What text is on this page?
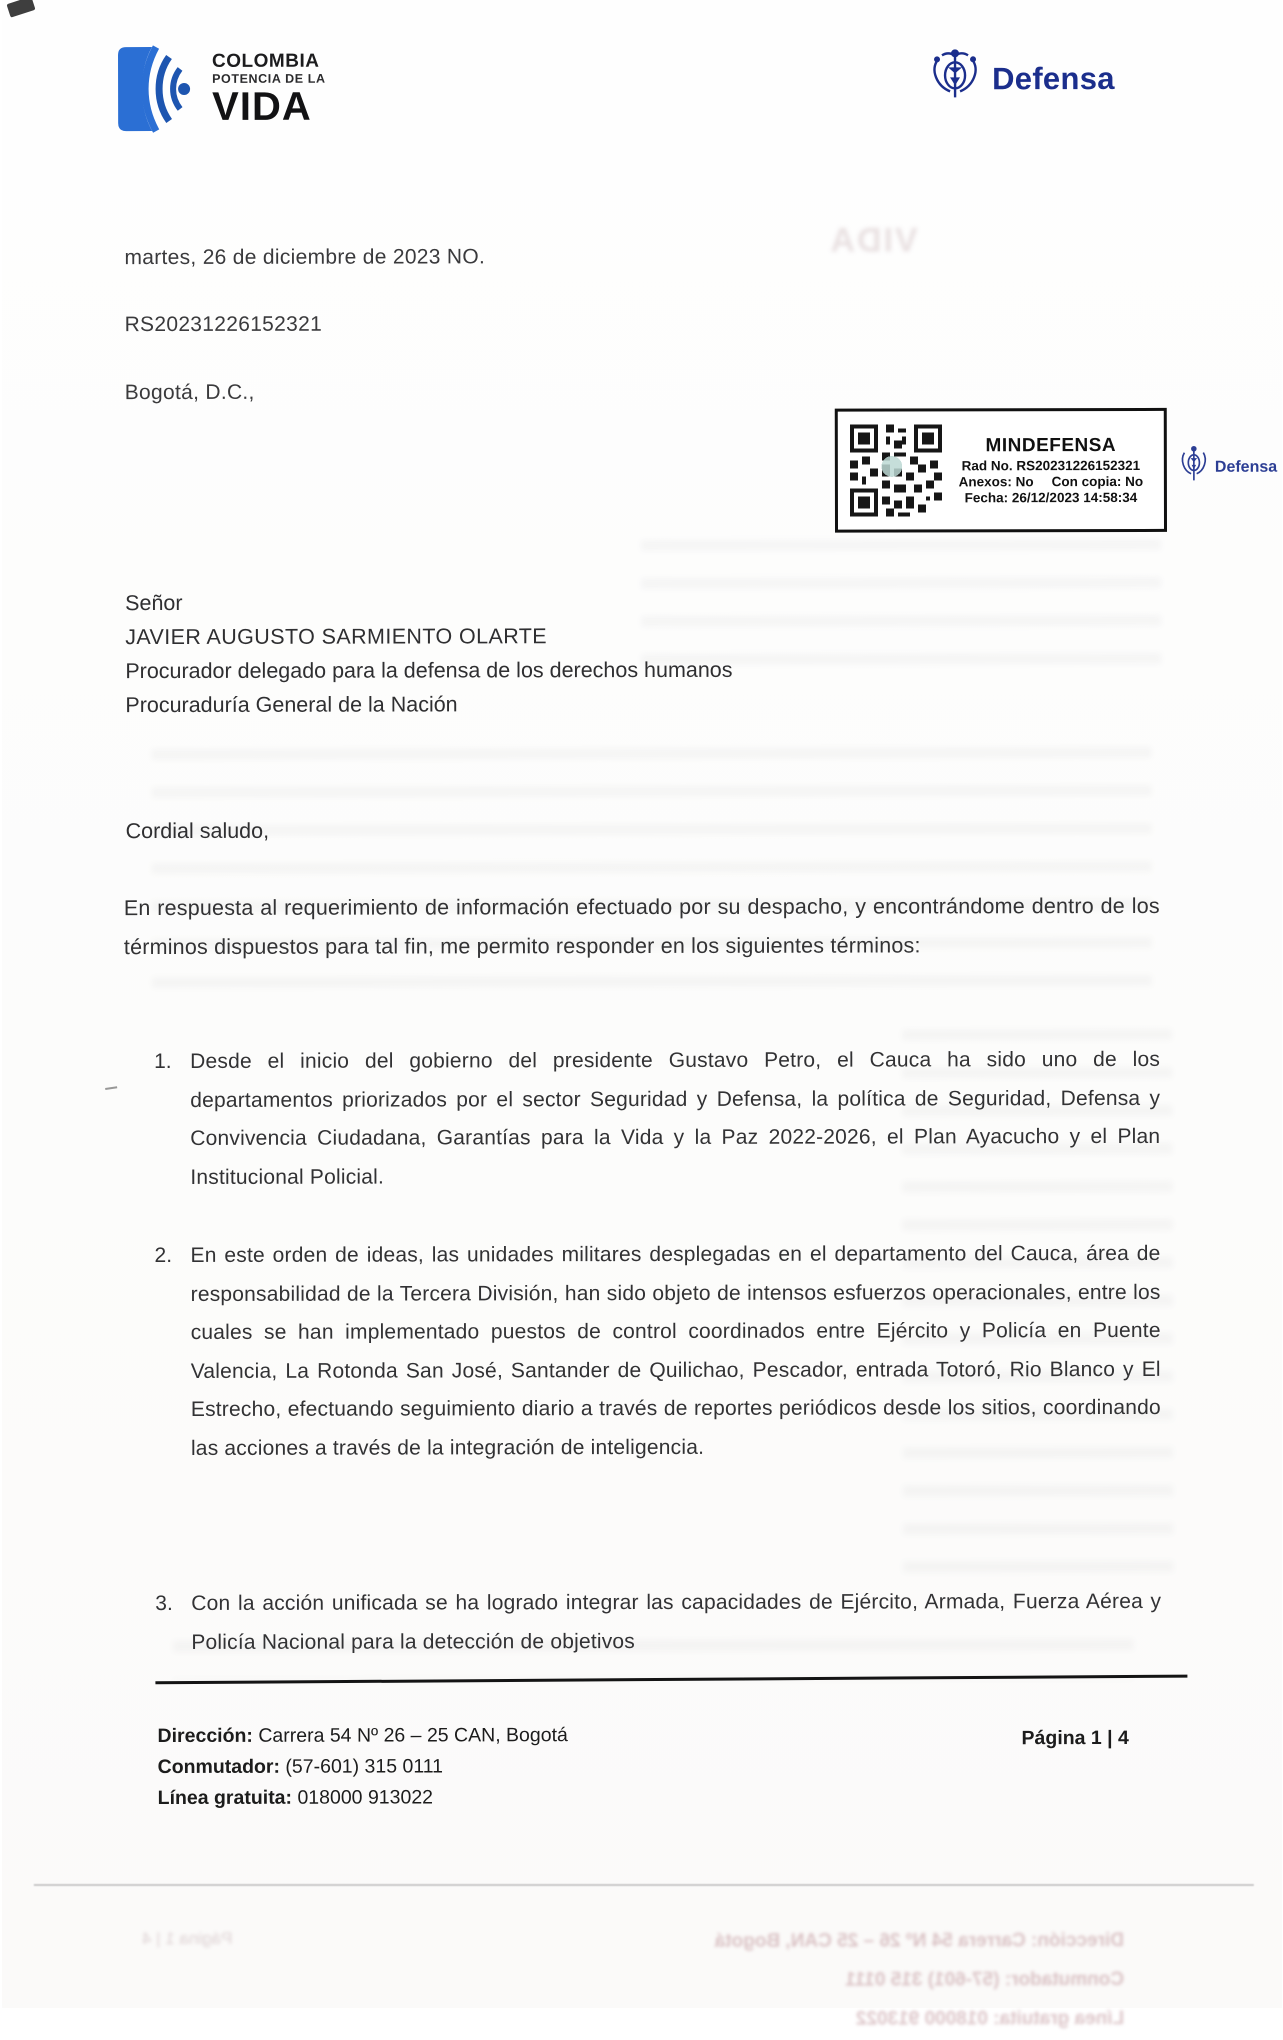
COLOMBIA
POTENCIA DE LA
VIDA
Defensa
VIDA
martes, 26 de diciembre de 2023 NO.
RS20231226152321
Bogotá, D.C.,
MINDEFENSA
Rad No. RS20231226152321
Anexos: No Con copia: No
Fecha: 26/12/2023 14:58:34
Defensa
Señor
JAVIER AUGUSTO SARMIENTO OLARTE
Procurador delegado para la defensa de los derechos humanos
Procuraduría General de la Nación
Cordial saludo,
En respuesta al requerimiento de información efectuado por su despacho, y encontrándome dentro de los términos dispuestos para tal fin, me permito responder en los siguientes términos:
1. Desde el inicio del gobierno del presidente Gustavo Petro, el Cauca ha sido uno de los departamentos priorizados por el sector Seguridad y Defensa, la política de Seguridad, Defensa y Convivencia Ciudadana, Garantías para la Vida y la Paz 2022-2026, el Plan Ayacucho y el Plan Institucional Policial.
2. En este orden de ideas, las unidades militares desplegadas en el departamento del Cauca, área de responsabilidad de la Tercera División, han sido objeto de intensos esfuerzos operacionales, entre los cuales se han implementado puestos de control coordinados entre Ejército y Policía en Puente Valencia, La Rotonda San José, Santander de Quilichao, Pescador, entrada Totoró, Rio Blanco y El Estrecho, efectuando seguimiento diario a través de reportes periódicos desde los sitios, coordinando las acciones a través de la integración de inteligencia.
3. Con la acción unificada se ha logrado integrar las capacidades de Ejército, Armada, Fuerza Aérea y Policía Nacional para la detección de objetivos
Dirección: Carrera 54 Nº 26 – 25 CAN, Bogotá
Conmutador: (57-601) 315 0111
Línea gratuita: 018000 913022
Página 1 | 4
Dirección: Carrera 54 Nº 26 – 25 CAN, Bogotá
Conmutador: (57-601) 315 0111
Línea gratuita: 018000 913022
Página 1 | 4
